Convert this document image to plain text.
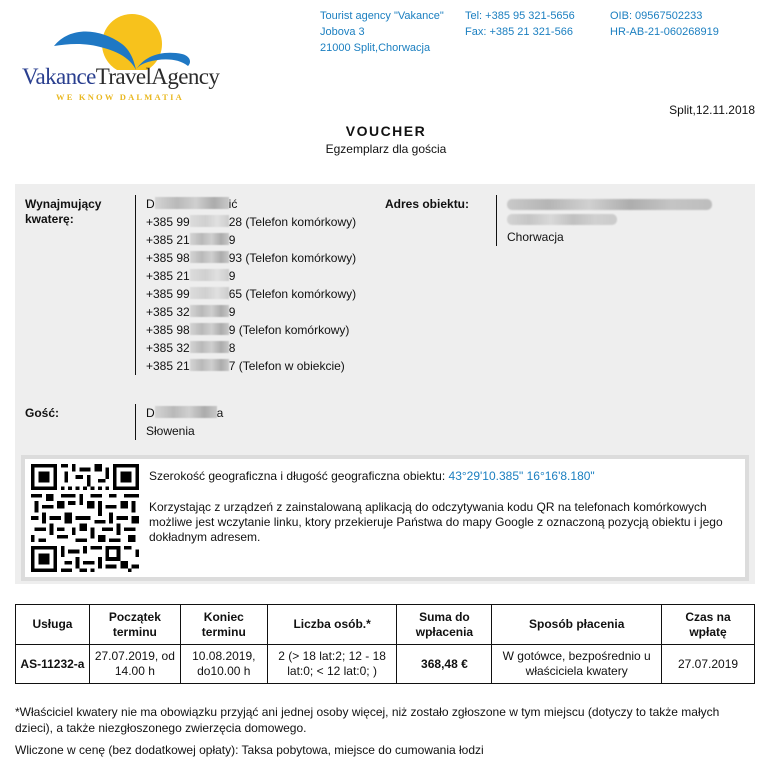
VakanceTravelAgency
WE KNOW DALMATIA
Tourist agency "Vakance"
Jobova 3
21000 Split,Chorwacja
Tel: +385 95 321-5656
Fax: +385 21 321-566
OIB: 09567502233
HR-AB-21-060268919
Split,12.11.2018
VOUCHER
Egzemplarz dla gościa
Wynajmujący kwaterę:
D	ić
+385 99	28 (Telefon komórkowy)
+385 21	9
+385 98	93 (Telefon komórkowy)
+385 21	9
+385 99	65 (Telefon komórkowy)
+385 32	9
+385 98	9 (Telefon komórkowy)
+385 32	8
+385 21	7 (Telefon w obiekcie)
Adres obiektu:
Chorwacja
Gość:	D	a
Słowenia
Szerokość geograficzna i długość geograficzna obiektu: 43°29'10.385" 16°16'8.180"
Korzystając z urządzeń z zainstalowaną aplikacją do odczytywania kodu QR na telefonach komórkowych możliwe jest wczytanie linku, ktory przekieruje Państwa do mapy Google z oznaczoną pozycją obiektu i jego dokładnym adresem.
Usługa	Początek terminu	Koniec terminu	Liczba osób.*	Suma do wpłacenia	Sposób płacenia	Czas na wpłatę
AS-11232-a	27.07.2019, od 14.00 h	10.08.2019, do10.00 h	2 (> 18 lat:2; 12 - 18 lat:0; < 12 lat:0; )	368,48 €	W gotówce, bezpośrednio u właściciela kwatery	27.07.2019
*Właściciel kwatery nie ma obowiązku przyjąć ani jednej osoby więcej, niż zostało zgłoszone w tym miejscu (dotyczy to także małych dzieci), a także niezgłoszonego zwierzęcia domowego.
Wliczone w cenę (bez dodatkowej opłaty): Taksa pobytowa, miejsce do cumowania łodzi
